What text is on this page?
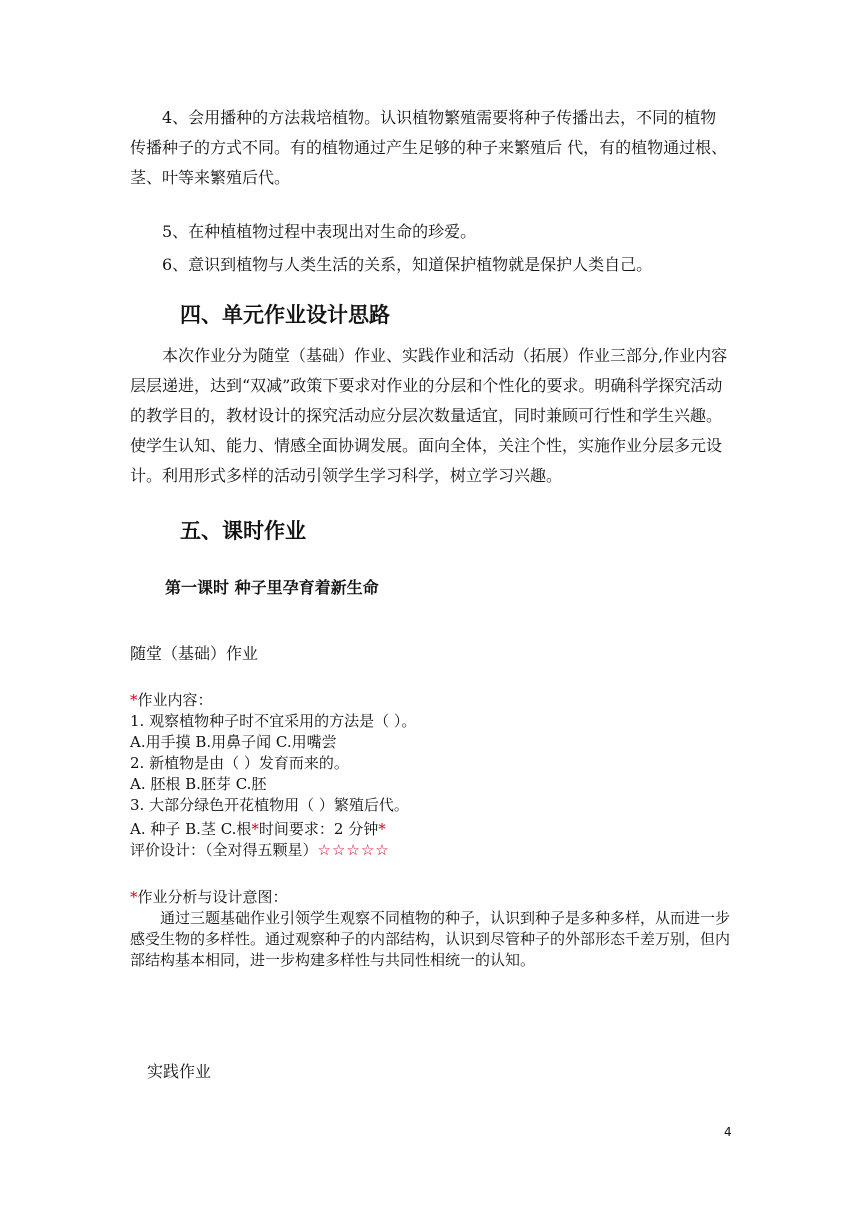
4、会用播种的方法栽培植物。认识植物繁殖需要将种子传播出去，不同的植物传播种子的方式不同。有的植物通过产生足够的种子来繁殖后 代，有的植物通过根、茎、叶等来繁殖后代。

5、在种植植物过程中表现出对生命的珍爱。

6、意识到植物与人类生活的关系，知道保护植物就是保护人类自己。

四、单元作业设计思路

本次作业分为随堂（基础）作业、实践作业和活动（拓展）作业三部分,作业内容层层递进，达到“双减”政策下要求对作业的分层和个性化的要求。明确科学探究活动的教学目的，教材设计的探究活动应分层次数量适宜，同时兼顾可行性和学生兴趣。使学生认知、能力、情感全面协调发展。面向全体，关注个性，实施作业分层多元设计。利用形式多样的活动引领学生学习科学，树立学习兴趣。

五、课时作业
第一课时 种子里孕育着新生命

随堂（基础）作业

*作业内容：
1. 观察植物种子时不宜采用的方法是（ ）。
A.用手摸 B.用鼻子闻 C.用嘴尝
2. 新植物是由（ ）发育而来的。
A. 胚根 B.胚芽 C.胚
3. 大部分绿色开花植物用（ ）繁殖后代。
A. 种子 B.茎 C.根*时间要求：2 分钟*
评价设计：（全对得五颗星）☆☆☆☆☆
*作业分析与设计意图：
通过三题基础作业引领学生观察不同植物的种子，认识到种子是多种多样，从而进一步感受生物的多样性。通过观察种子的内部结构，认识到尽管种子的外部形态千差万别，但内部结构基本相同，进一步构建多样性与共同性相统一的认知。

实践作业

4
